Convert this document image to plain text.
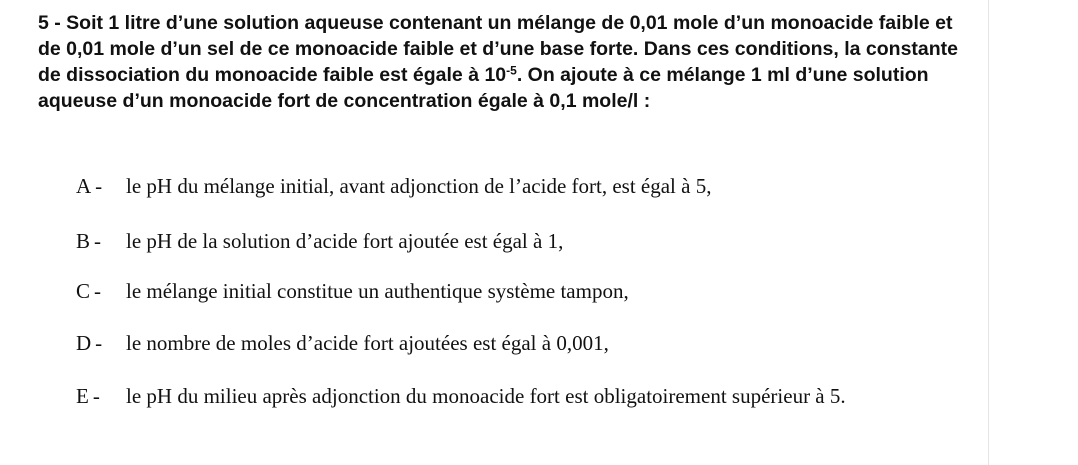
5 - Soit 1 litre d’une solution aqueuse contenant un mélange de 0,01 mole d’un monoacide faible et de 0,01 mole d’un sel de ce monoacide faible et d’une base forte. Dans ces conditions, la constante de dissociation du monoacide faible est égale à $10^{-5}$. On ajoute à ce mélange 1 ml d’une solution aqueuse d’un monoacide fort de concentration égale à 0,1 mole/l :
A - le pH du mélange initial, avant adjonction de l’acide fort, est égal à 5,
B - le pH de la solution d’acide fort ajoutée est égal à 1,
C - le mélange initial constitue un authentique système tampon,
D - le nombre de moles d’acide fort ajoutées est égal à 0,001,
E - le pH du milieu après adjonction du monoacide fort est obligatoirement supérieur à 5.
